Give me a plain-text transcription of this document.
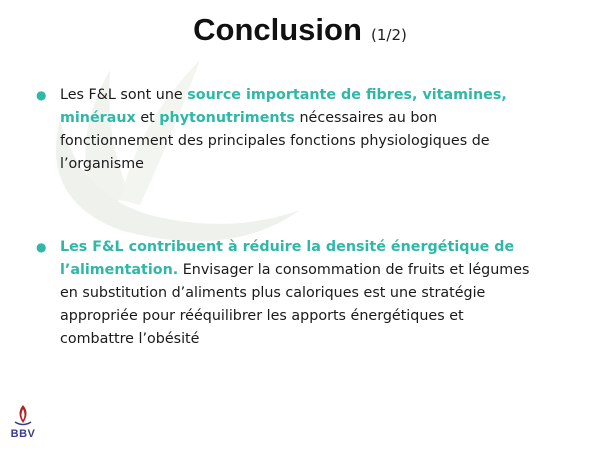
Conclusion (1/2)
● Les F&L sont une source importante de fibres, vitamines, minéraux et phytonutriments nécessaires au bon fonctionnement des principales fonctions physiologiques de l’organisme
● Les F&L contribuent à réduire la densité énergétique de l’alimentation. Envisager la consommation de fruits et légumes en substitution d’aliments plus caloriques est une stratégie appropriée pour rééquilibrer les apports énergétiques et combattre l’obésité
BBV
